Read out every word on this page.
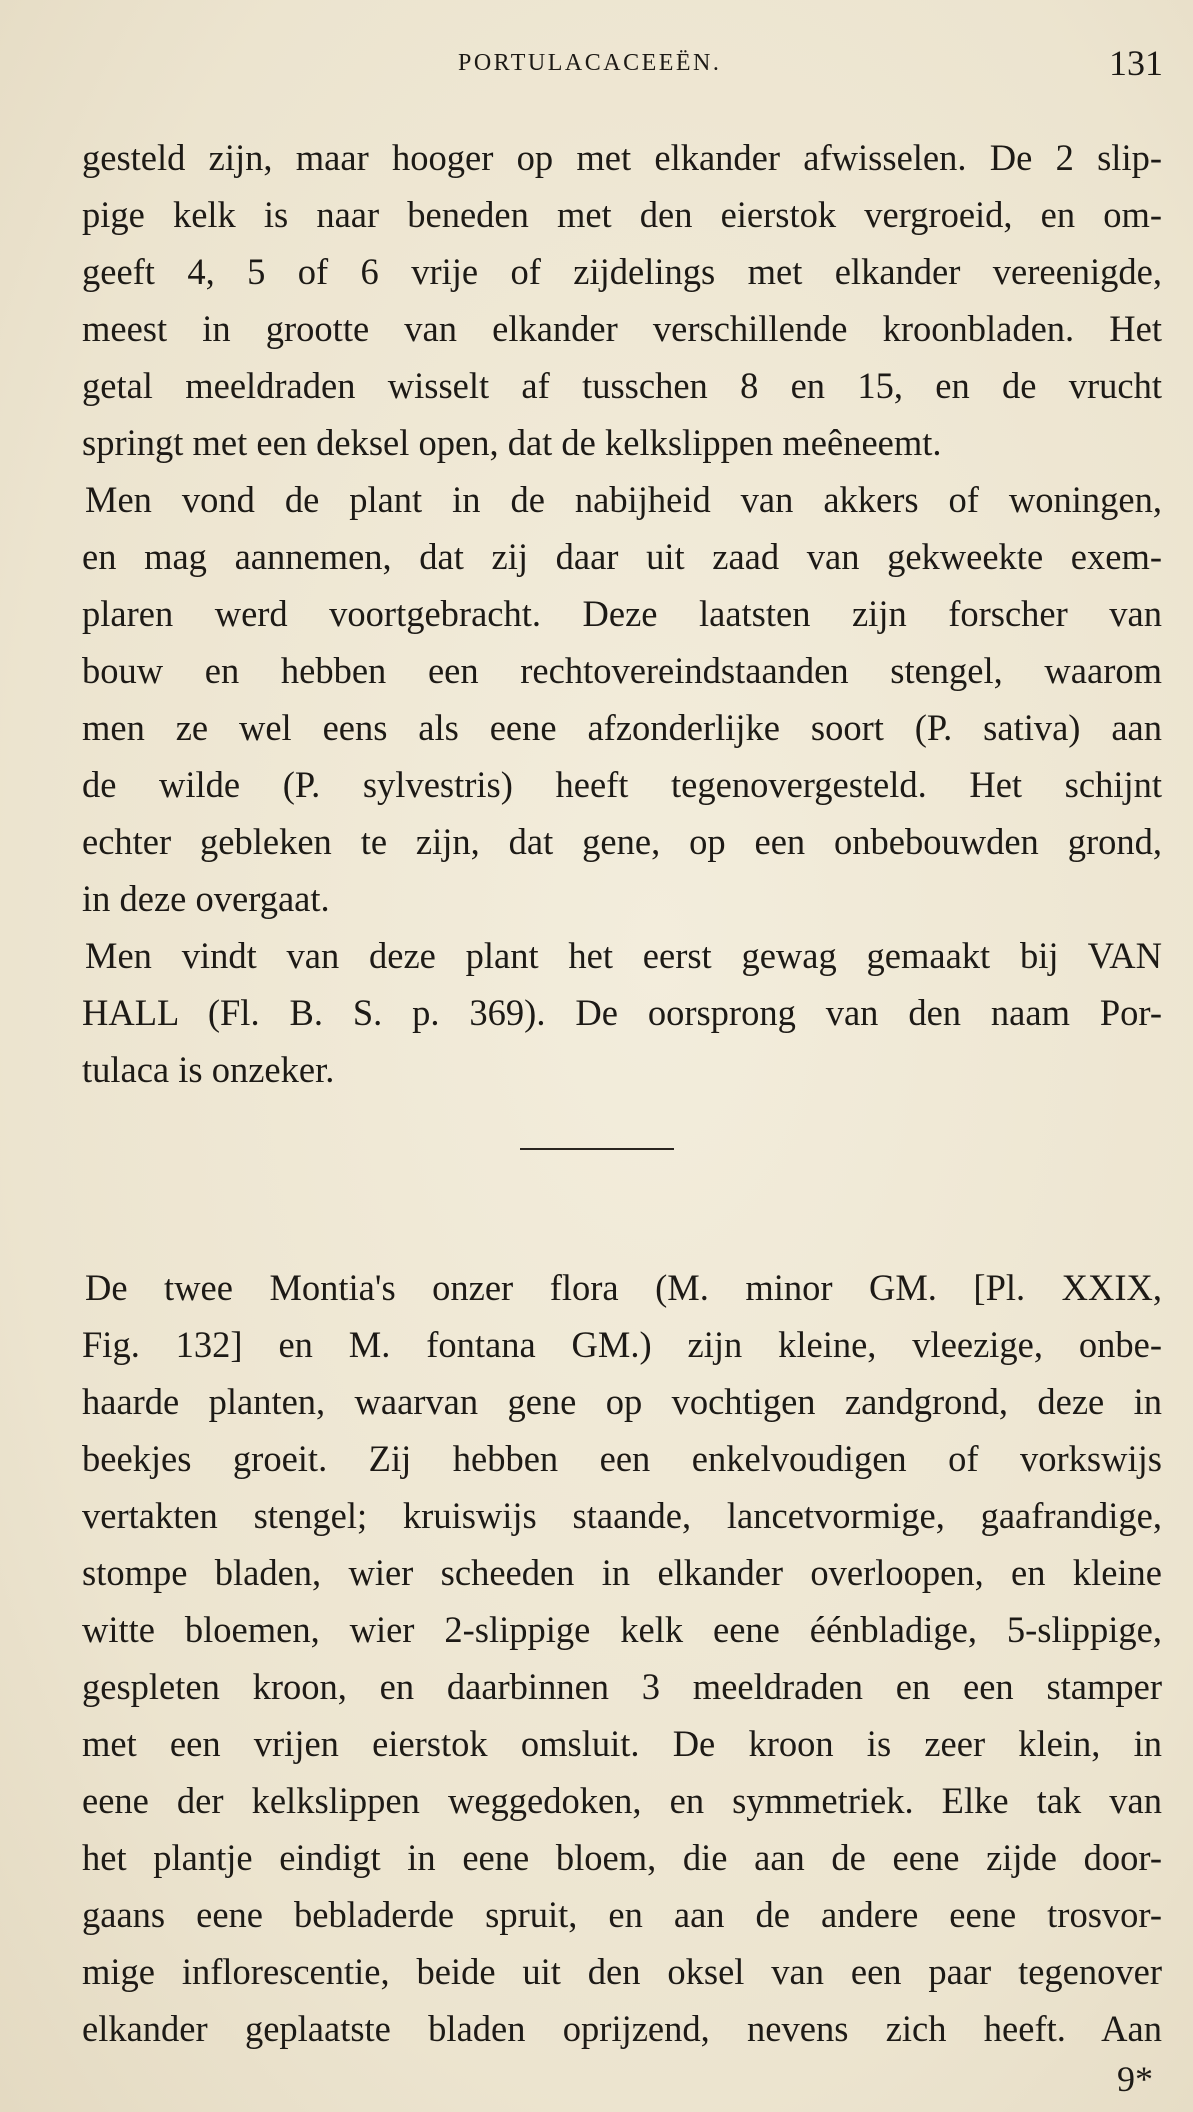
PORTULACACEEËN.	131
gesteld zijn, maar hooger op met elkander afwisselen. De 2 slip-
pige kelk is naar beneden met den eierstok vergroeid, en om-
geeft 4, 5 of 6 vrije of zijdelings met elkander vereenigde,
meest in grootte van elkander verschillende kroonbladen. Het
getal meeldraden wisselt af tusschen 8 en 15, en de vrucht
springt met een deksel open, dat de kelkslippen meêneemt.
Men vond de plant in de nabijheid van akkers of woningen,
en mag aannemen, dat zij daar uit zaad van gekweekte exem-
plaren werd voortgebracht. Deze laatsten zijn forscher van
bouw en hebben een rechtovereindstaanden stengel, waarom
men ze wel eens als eene afzonderlijke soort (P. sativa) aan
de wilde (P. sylvestris) heeft tegenovergesteld. Het schijnt
echter gebleken te zijn, dat gene, op een onbebouwden grond,
in deze overgaat.
Men vindt van deze plant het eerst gewag gemaakt bij VAN
HALL (Fl. B. S. p. 369). De oorsprong van den naam Por-
tulaca is onzeker.
De twee Montia's onzer flora (M. minor GM. [Pl. XXIX,
Fig. 132] en M. fontana GM.) zijn kleine, vleezige, onbe-
haarde planten, waarvan gene op vochtigen zandgrond, deze in
beekjes groeit. Zij hebben een enkelvoudigen of vorkswijs
vertakten stengel; kruiswijs staande, lancetvormige, gaafrandige,
stompe bladen, wier scheeden in elkander overloopen, en kleine
witte bloemen, wier 2-slippige kelk eene éénbladige, 5-slippige,
gespleten kroon, en daarbinnen 3 meeldraden en een stamper
met een vrijen eierstok omsluit. De kroon is zeer klein, in
eene der kelkslippen weggedoken, en symmetriek. Elke tak van
het plantje eindigt in eene bloem, die aan de eene zijde door-
gaans eene bebladerde spruit, en aan de andere eene trosvor-
mige inflorescentie, beide uit den oksel van een paar tegenover
elkander geplaatste bladen oprijzend, nevens zich heeft. Aan
9*
